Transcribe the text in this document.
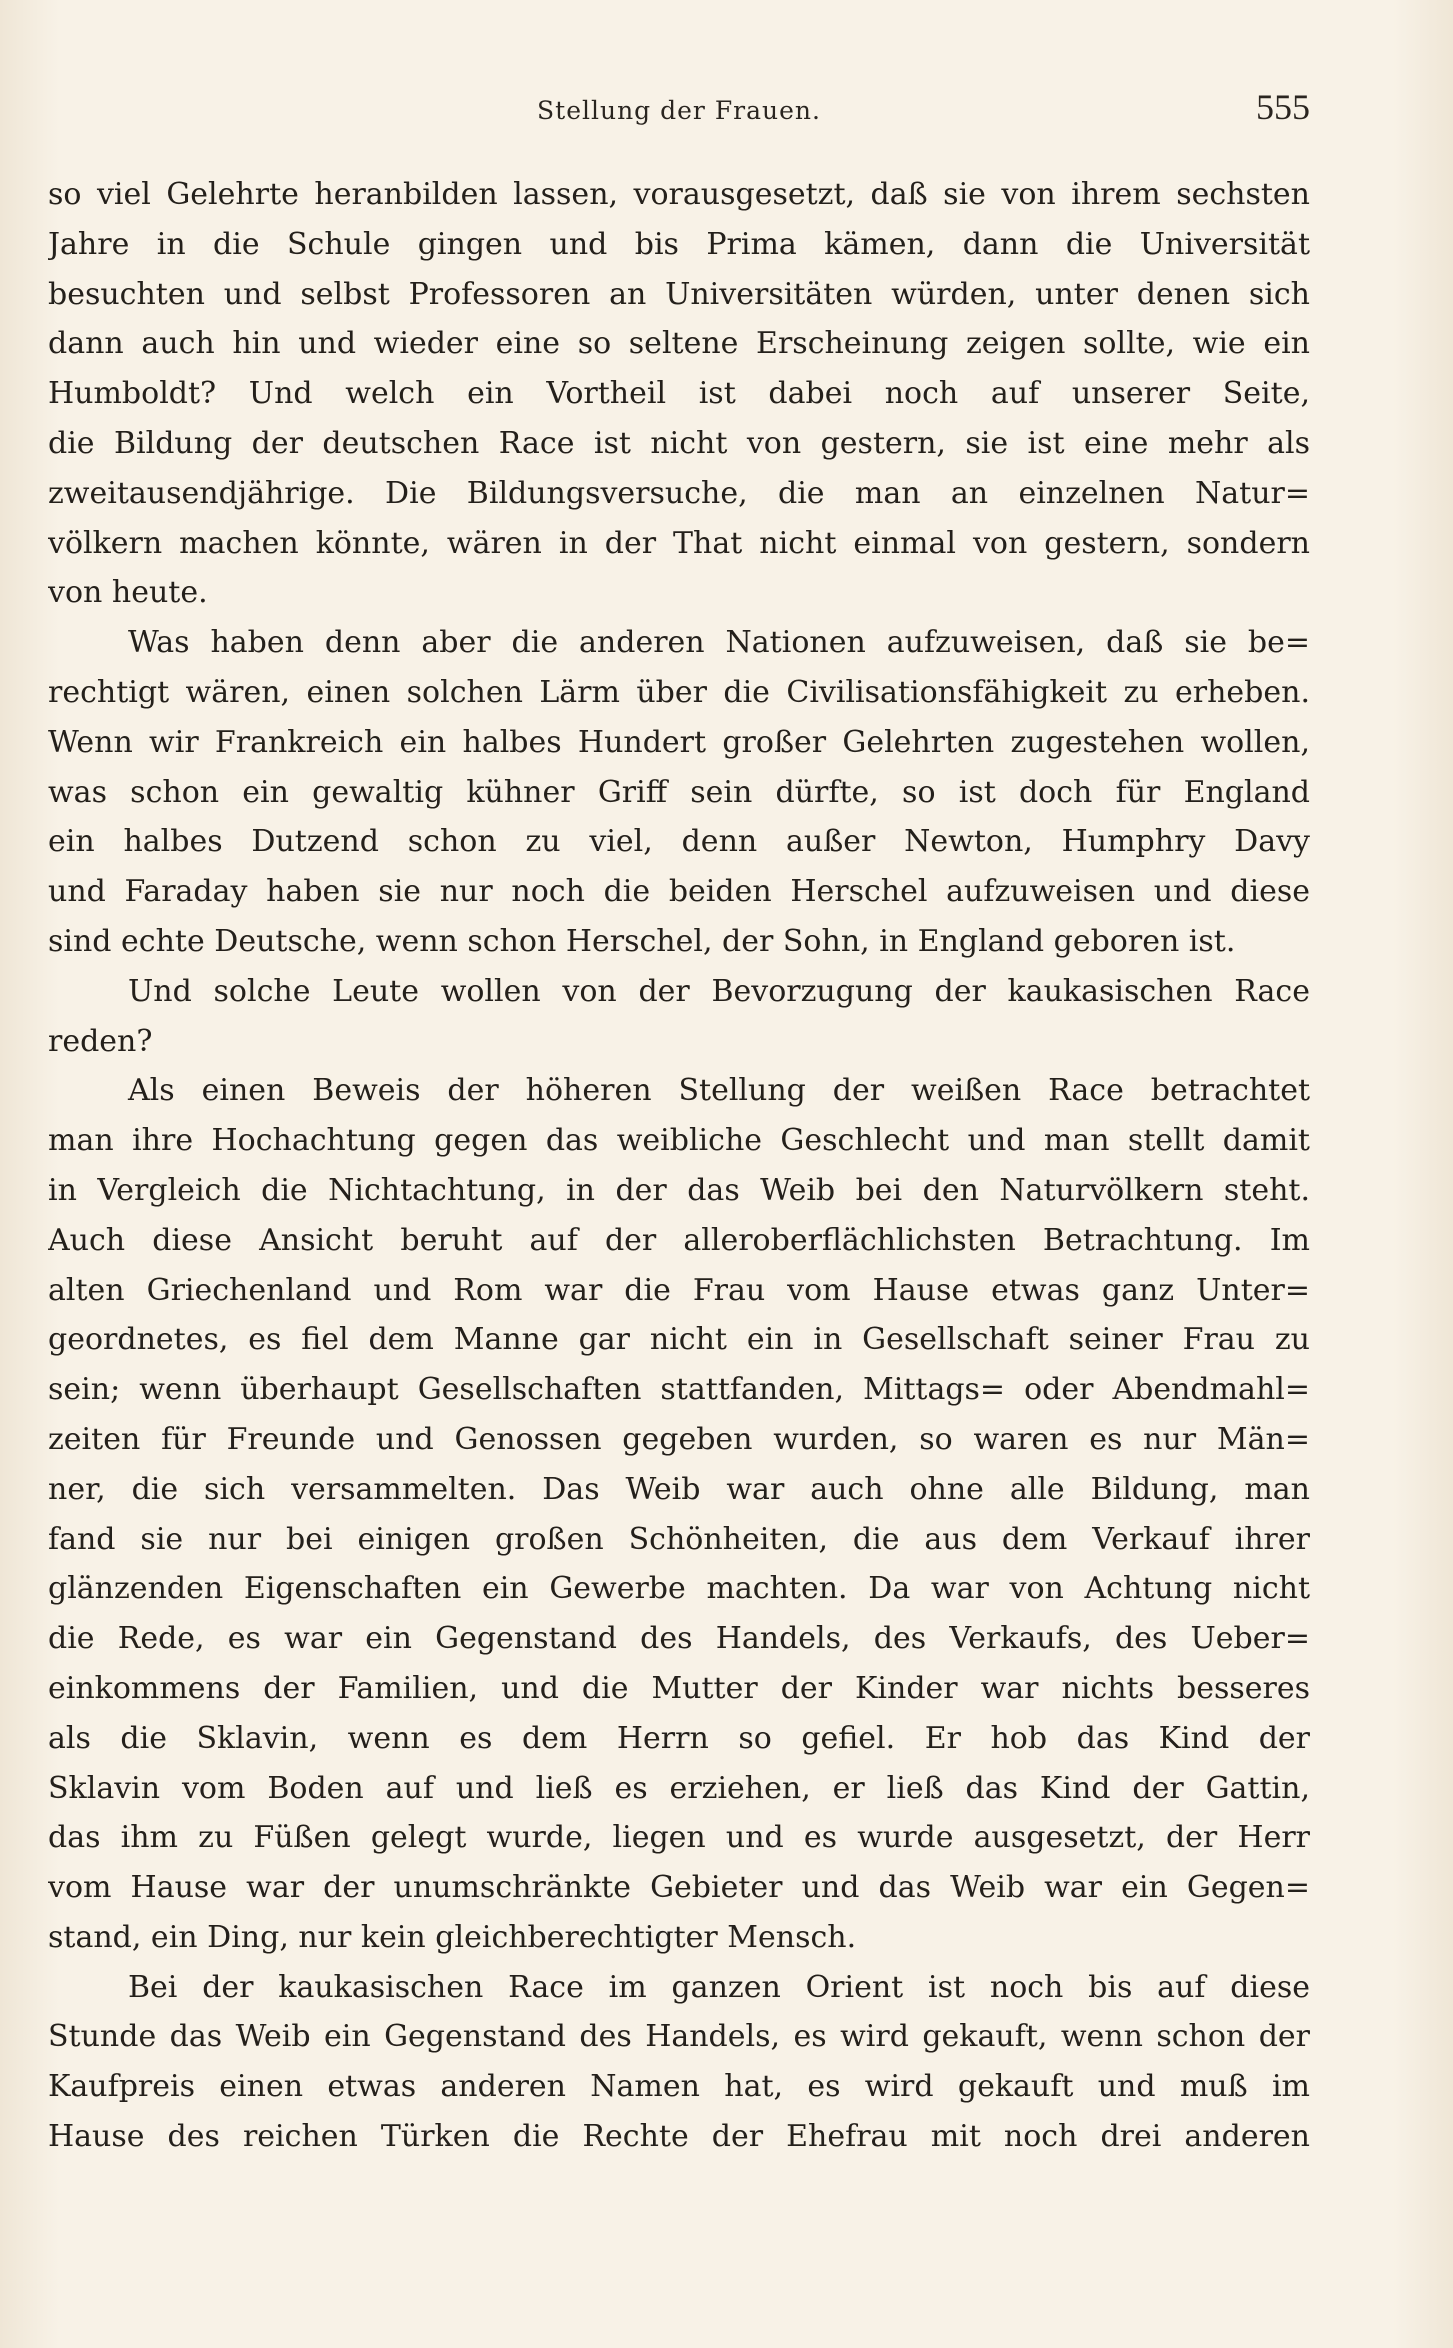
Stellung der Frauen.	555
so viel Gelehrte heranbilden lassen, vorausgesetzt, daß sie von ihrem sechsten
Jahre in die Schule gingen und bis Prima kämen, dann die Universität
besuchten und selbst Professoren an Universitäten würden, unter denen sich
dann auch hin und wieder eine so seltene Erscheinung zeigen sollte, wie ein
Humboldt? Und welch ein Vortheil ist dabei noch auf unserer Seite,
die Bildung der deutschen Race ist nicht von gestern, sie ist eine mehr als
zweitausendjährige. Die Bildungsversuche, die man an einzelnen Natur=
völkern machen könnte, wären in der That nicht einmal von gestern, sondern
von heute.
Was haben denn aber die anderen Nationen aufzuweisen, daß sie be=
rechtigt wären, einen solchen Lärm über die Civilisationsfähigkeit zu erheben.
Wenn wir Frankreich ein halbes Hundert großer Gelehrten zugestehen wollen,
was schon ein gewaltig kühner Griff sein dürfte, so ist doch für England
ein halbes Dutzend schon zu viel, denn außer Newton, Humphry Davy
und Faraday haben sie nur noch die beiden Herschel aufzuweisen und diese
sind echte Deutsche, wenn schon Herschel, der Sohn, in England geboren ist.
Und solche Leute wollen von der Bevorzugung der kaukasischen Race
reden?
Als einen Beweis der höheren Stellung der weißen Race betrachtet
man ihre Hochachtung gegen das weibliche Geschlecht und man stellt damit
in Vergleich die Nichtachtung, in der das Weib bei den Naturvölkern steht.
Auch diese Ansicht beruht auf der alleroberflächlichsten Betrachtung. Im
alten Griechenland und Rom war die Frau vom Hause etwas ganz Unter=
geordnetes, es fiel dem Manne gar nicht ein in Gesellschaft seiner Frau zu
sein; wenn überhaupt Gesellschaften stattfanden, Mittags= oder Abendmahl=
zeiten für Freunde und Genossen gegeben wurden, so waren es nur Män=
ner, die sich versammelten. Das Weib war auch ohne alle Bildung, man
fand sie nur bei einigen großen Schönheiten, die aus dem Verkauf ihrer
glänzenden Eigenschaften ein Gewerbe machten. Da war von Achtung nicht
die Rede, es war ein Gegenstand des Handels, des Verkaufs, des Ueber=
einkommens der Familien, und die Mutter der Kinder war nichts besseres
als die Sklavin, wenn es dem Herrn so gefiel. Er hob das Kind der
Sklavin vom Boden auf und ließ es erziehen, er ließ das Kind der Gattin,
das ihm zu Füßen gelegt wurde, liegen und es wurde ausgesetzt, der Herr
vom Hause war der unumschränkte Gebieter und das Weib war ein Gegen=
stand, ein Ding, nur kein gleichberechtigter Mensch.
Bei der kaukasischen Race im ganzen Orient ist noch bis auf diese
Stunde das Weib ein Gegenstand des Handels, es wird gekauft, wenn schon der
Kaufpreis einen etwas anderen Namen hat, es wird gekauft und muß im
Hause des reichen Türken die Rechte der Ehefrau mit noch drei anderen
